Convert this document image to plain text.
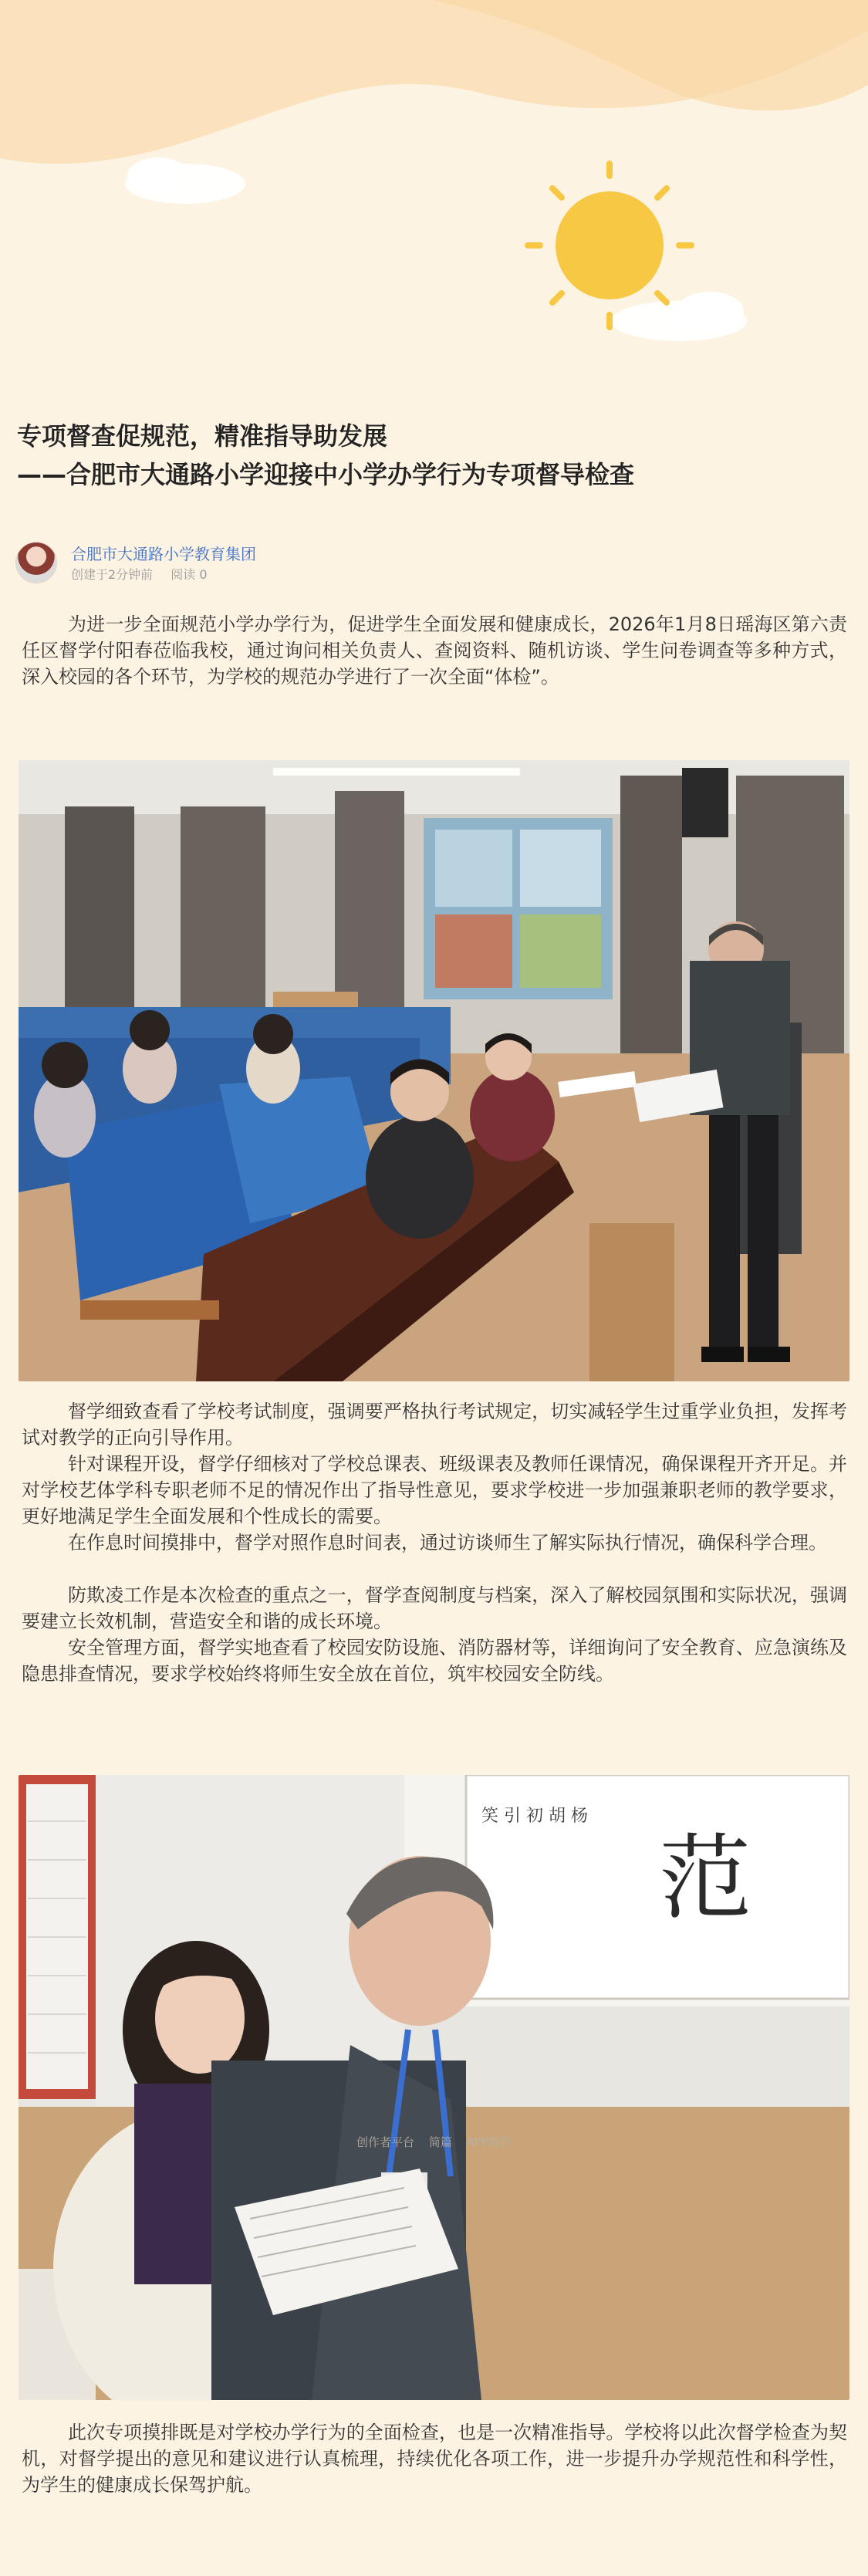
专项督查促规范，精准指导助发展
——合肥市大通路小学迎接中小学办学行为专项督导检查
合肥市大通路小学教育集团
创建于2分钟前 阅读 0

为进一步全面规范小学办学行为，促进学生全面发展和健康成长，2026年1月8日瑶海区第六责任区督学付阳春莅临我校，通过询问相关负责人、查阅资料、随机访谈、学生问卷调查等多种方式，深入校园的各个环节，为学校的规范办学进行了一次全面“体检”。

督学细致查看了学校考试制度，强调要严格执行考试规定，切实减轻学生过重学业负担，发挥考试对教学的正向引导作用。

针对课程开设，督学仔细核对了学校总课表、班级课表及教师任课情况，确保课程开齐开足。并对学校艺体学科专职老师不足的情况作出了指导性意见，要求学校进一步加强兼职老师的教学要求，更好地满足学生全面发展和个性成长的需要。

在作息时间摸排中，督学对照作息时间表，通过访谈师生了解实际执行情况，确保科学合理。

防欺凌工作是本次检查的重点之一，督学查阅制度与档案，深入了解校园氛围和实际状况，强调要建立长效机制，营造安全和谐的成长环境。

安全管理方面，督学实地查看了校园安防设施、消防器材等，详细询问了安全教育、应急演练及隐患排查情况，要求学校始终将师生安全放在首位，筑牢校园安全防线。

范
笑 引 初 胡 杨

此次专项摸排既是对学校办学行为的全面检查，也是一次精准指导。学校将以此次督学检查为契机，对督学提出的意见和建议进行认真梳理，持续优化各项工作，进一步提升办学规范性和科学性，为学生的健康成长保驾护航。

创作者平台 简篇 APP制作
